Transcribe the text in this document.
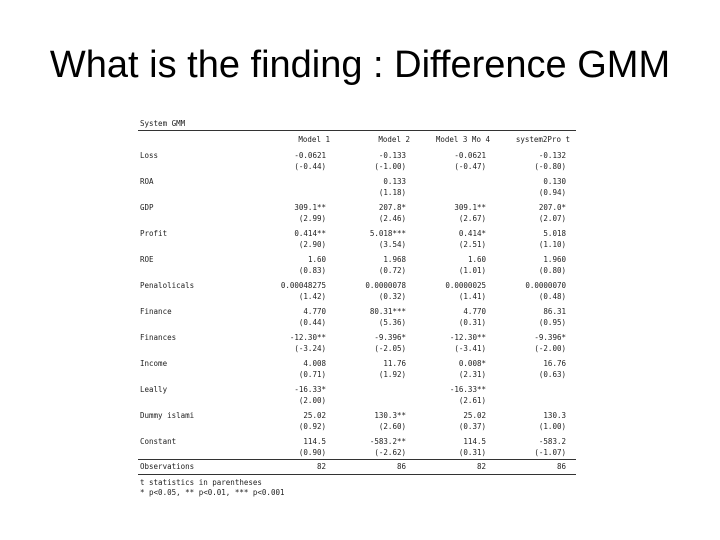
What is the finding : Difference GMM
System GMM
	Model 1	Model 2	Model 3 Mo 4	system2Pro t
Loss	-0.0621	-0.133	-0.0621	-0.132
	(-0.44)	(-1.00)	(-0.47)	(-0.80)
ROA		0.133		0.130
		(1.18)		(0.94)
GDP	309.1**	207.8*	309.1**	207.0*
	(2.99)	(2.46)	(2.67)	(2.07)
Profit	0.414**	5.018***	0.414*	5.018
	(2.90)	(3.54)	(2.51)	(1.10)
ROE	1.60	1.968	1.60	1.960
	(0.83)	(0.72)	(1.01)	(0.80)
Penalolicals	0.00048275	0.0000078	0.0000025	0.0000070
	(1.42)	(0.32)	(1.41)	(0.48)
Finance	4.770	80.31***	4.770	86.31
	(0.44)	(5.36)	(0.31)	(0.95)
Finances	-12.30**	-9.396*	-12.30**	-9.396*
	(-3.24)	(-2.05)	(-3.41)	(-2.00)
Income	4.008	11.76	0.008*	16.76
	(0.71)	(1.92)	(2.31)	(0.63)
Leally	-16.33*		-16.33**	
	(2.00)		(2.61)	
Dummy islami	25.02	130.3**	25.02	130.3
	(0.92)	(2.60)	(0.37)	(1.00)
Constant	114.5	-583.2**	114.5	-583.2
	(0.90)	(-2.62)	(0.31)	(-1.07)
Observations	82	86	82	86
t statistics in parentheses
* p<0.05, ** p<0.01, *** p<0.001
